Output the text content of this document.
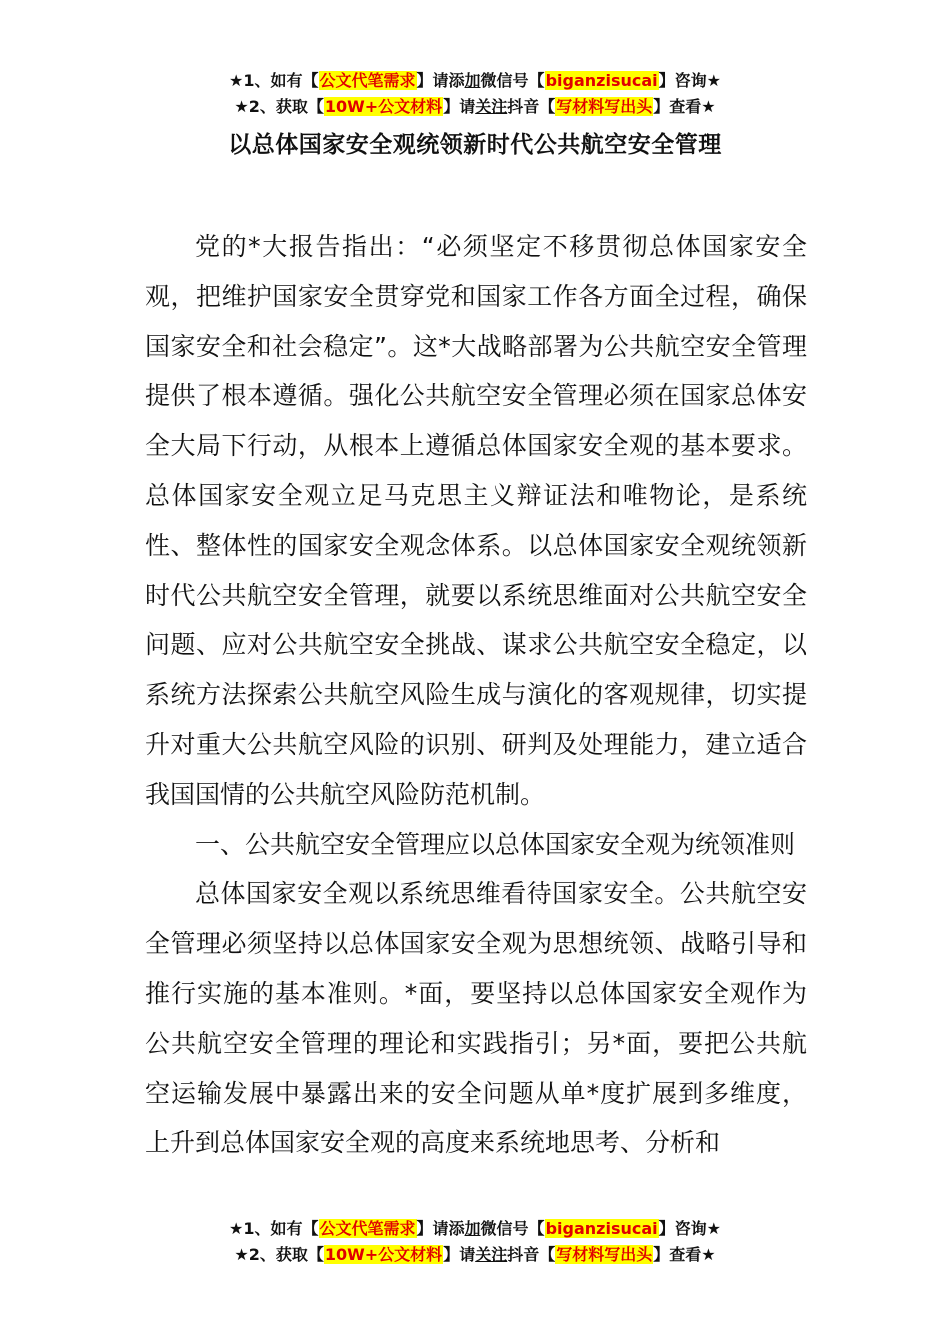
★1、如有【公文代笔需求】请添加微信号【biganzisucai】咨询★
★2、获取【10W+公文材料】请关注抖音【写材料写出头】查看★
以总体国家安全观统领新时代公共航空安全管理

党的*大报告指出：“必须坚定不移贯彻总体国家安全观，把维护国家安全贯穿党和国家工作各方面全过程，确保国家安全和社会稳定”。这*大战略部署为公共航空安全管理提供了根本遵循。强化公共航空安全管理必须在国家总体安全大局下行动，从根本上遵循总体国家安全观的基本要求。总体国家安全观立足马克思主义辩证法和唯物论，是系统性、整体性的国家安全观念体系。以总体国家安全观统领新时代公共航空安全管理，就要以系统思维面对公共航空安全问题、应对公共航空安全挑战、谋求公共航空安全稳定，以系统方法探索公共航空风险生成与演化的客观规律，切实提升对重大公共航空风险的识别、研判及处理能力，建立适合我国国情的公共航空风险防范机制。

一、公共航空安全管理应以总体国家安全观为统领准则

总体国家安全观以系统思维看待国家安全。公共航空安全管理必须坚持以总体国家安全观为思想统领、战略引导和推行实施的基本准则。*面，要坚持以总体国家安全观作为公共航空安全管理的理论和实践指引；另*面，要把公共航空运输发展中暴露出来的安全问题从单*度扩展到多维度，上升到总体国家安全观的高度来系统地思考、分析和

★1、如有【公文代笔需求】请添加微信号【biganzisucai】咨询★
★2、获取【10W+公文材料】请关注抖音【写材料写出头】查看★
